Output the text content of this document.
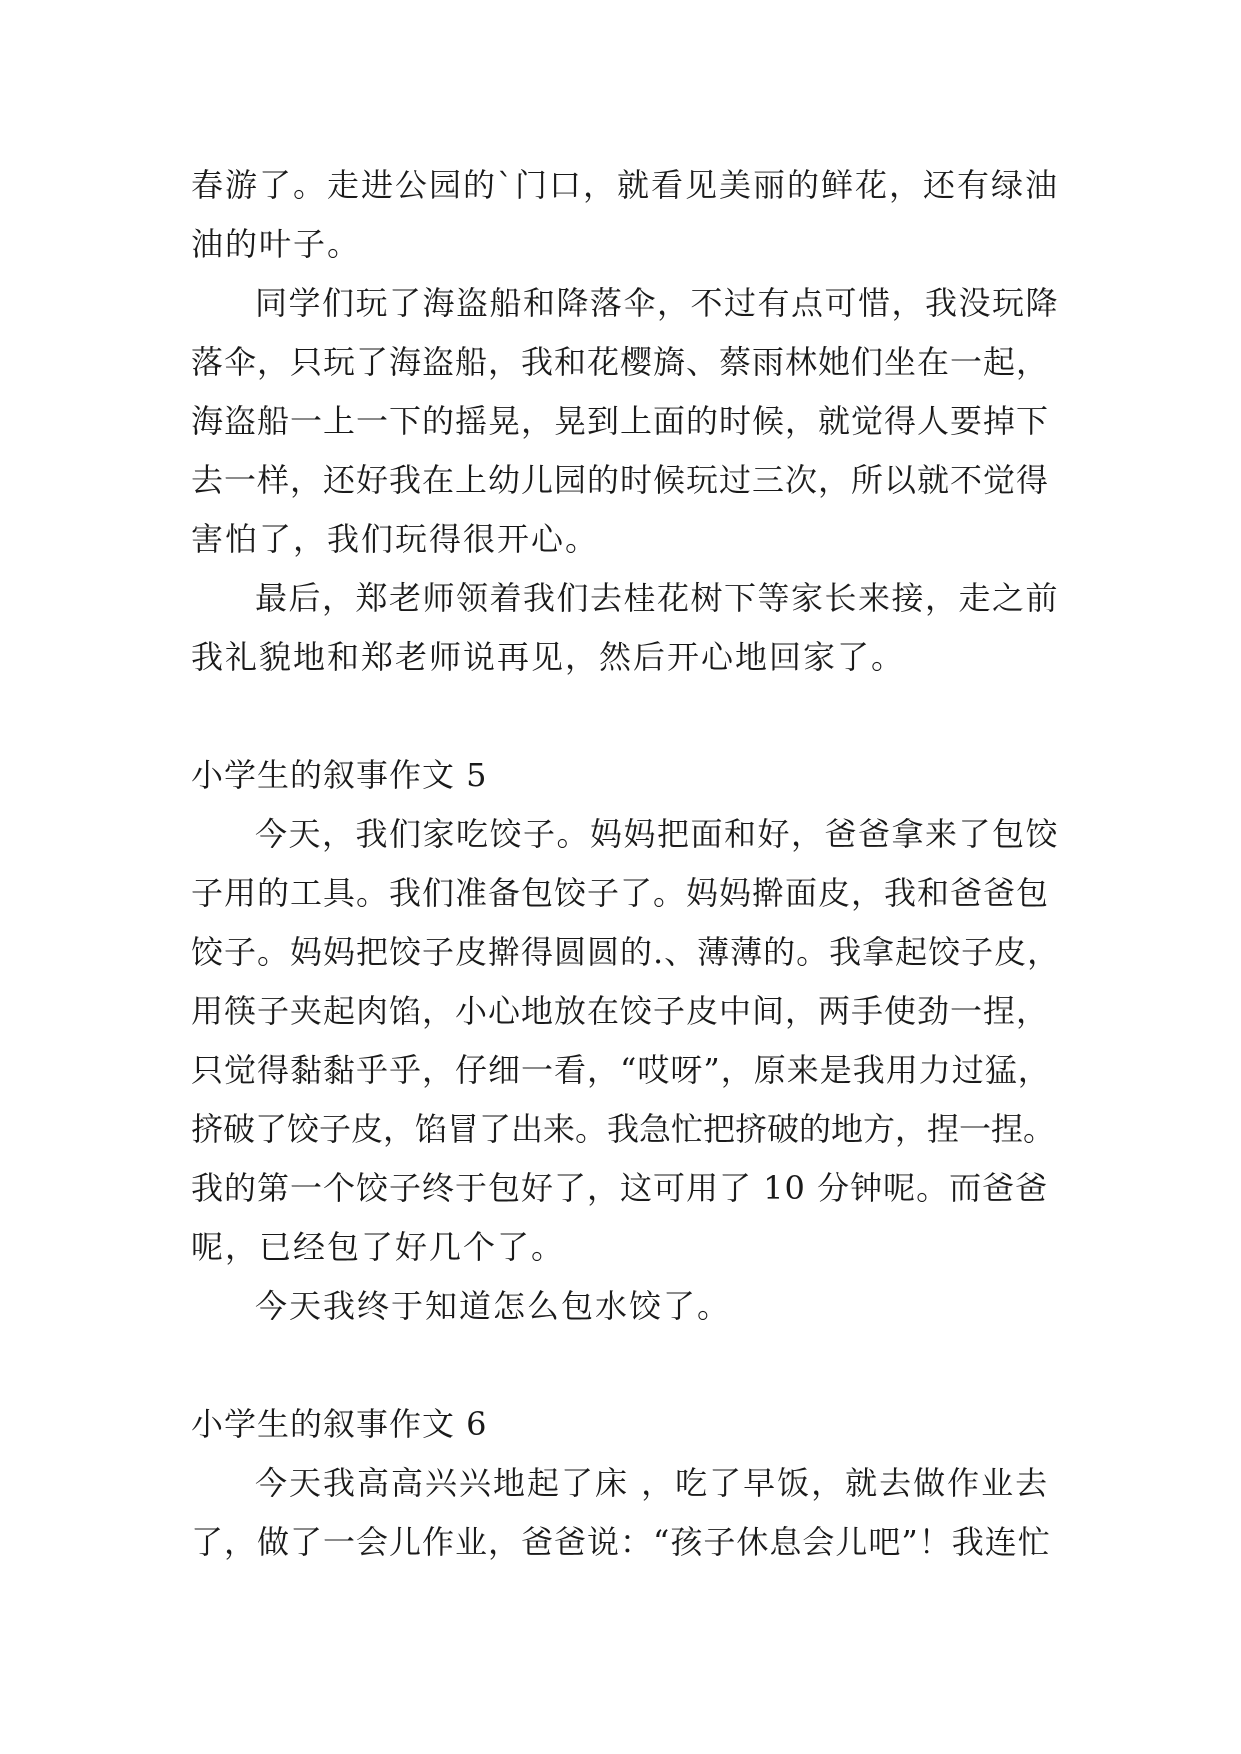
春游了。走进公园的`门口，就看见美丽的鲜花，还有绿油

油的叶子。

同学们玩了海盗船和降落伞，不过有点可惜，我没玩降

落伞，只玩了海盗船，我和花樱旖、蔡雨林她们坐在一起，

海盗船一上一下的摇晃，晃到上面的时候，就觉得人要掉下

去一样，还好我在上幼儿园的时候玩过三次，所以就不觉得

害怕了，我们玩得很开心。

最后，郑老师领着我们去桂花树下等家长来接，走之前

我礼貌地和郑老师说再见，然后开心地回家了。

小学生的叙事作文 5

今天，我们家吃饺子。妈妈把面和好，爸爸拿来了包饺

子用的工具。我们准备包饺子了。妈妈擀面皮，我和爸爸包

饺子。妈妈把饺子皮擀得圆圆的.、薄薄的。我拿起饺子皮，

用筷子夹起肉馅，小心地放在饺子皮中间，两手使劲一捏，

只觉得黏黏乎乎，仔细一看，“哎呀”，原来是我用力过猛，

挤破了饺子皮，馅冒了出来。我急忙把挤破的地方，捏一捏。

我的第一个饺子终于包好了，这可用了 10 分钟呢。而爸爸

呢，已经包了好几个了。

今天我终于知道怎么包水饺了。

小学生的叙事作文 6

今天我高高兴兴地起了床 ，吃了早饭，就去做作业去

了，做了一会儿作业，爸爸说：“孩子休息会儿吧”！我连忙
